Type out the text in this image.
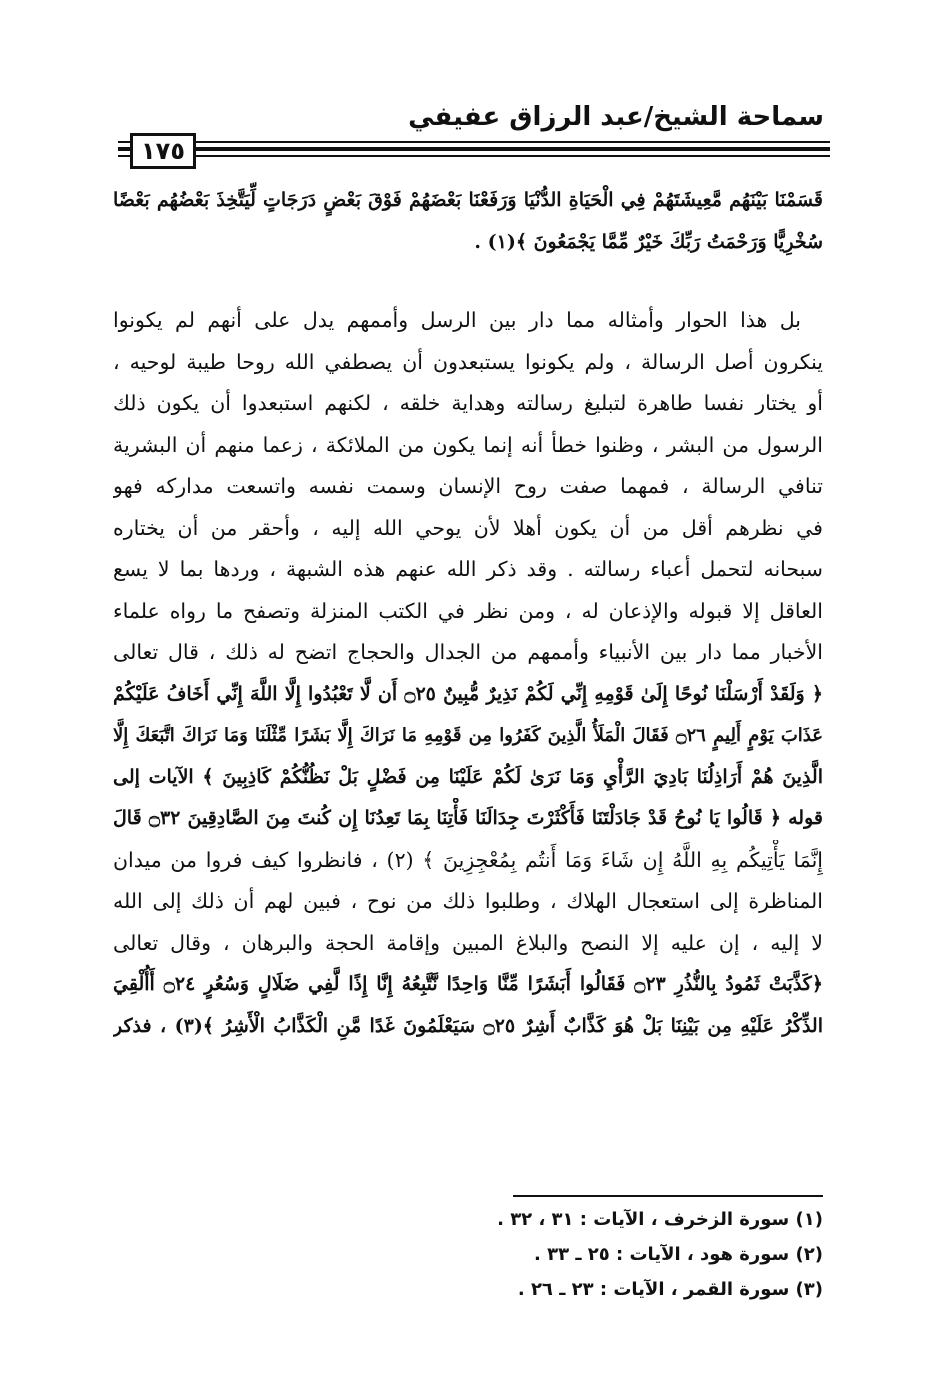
سماحة الشيخ/عبد الرزاق عفيفي
١٧٥
قَسَمْنَا بَيْنَهُم مَّعِيشَتَهُمْ فِي الْحَيَاةِ الدُّنْيَا وَرَفَعْنَا بَعْضَهُمْ فَوْقَ بَعْضٍ دَرَجَاتٍ لِّيَتَّخِذَ بَعْضُهُم بَعْضًا
سُخْرِيًّا وَرَحْمَتُ رَبِّكَ خَيْرٌ مِّمَّا يَجْمَعُونَ ﴾(١) .
بل هذا الحوار وأمثاله مما دار بين الرسل وأممهم يدل على أنهم لم يكونوا
ينكرون أصل الرسالة ، ولم يكونوا يستبعدون أن يصطفي الله روحا طيبة لوحيه ،
أو يختار نفسا طاهرة لتبليغ رسالته وهداية خلقه ، لكنهم استبعدوا أن يكون ذلك
الرسول من البشر ، وظنوا خطأ أنه إنما يكون من الملائكة ، زعما منهم أن البشرية
تنافي الرسالة ، فمهما صفت روح الإنسان وسمت نفسه واتسعت مداركه فهو
في نظرهم أقل من أن يكون أهلا لأن يوحي الله إليه ، وأحقر من أن يختاره
سبحانه لتحمل أعباء رسالته . وقد ذكر الله عنهم هذه الشبهة ، وردها بما لا يسع
العاقل إلا قبوله والإذعان له ، ومن نظر في الكتب المنزلة وتصفح ما رواه علماء
الأخبار مما دار بين الأنبياء وأممهم من الجدال والحجاج اتضح له ذلك ، قال تعالى
﴿ وَلَقَدْ أَرْسَلْنَا نُوحًا إِلَىٰ قَوْمِهِ إِنِّي لَكُمْ نَذِيرٌ مُّبِينٌ ۝٢٥ أَن لَّا تَعْبُدُوا إِلَّا اللَّهَ إِنِّي أَخَافُ عَلَيْكُمْ
عَذَابَ يَوْمٍ أَلِيمٍ ۝٢٦ فَقَالَ الْمَلَأُ الَّذِينَ كَفَرُوا مِن قَوْمِهِ مَا نَرَاكَ إِلَّا بَشَرًا مِّثْلَنَا وَمَا نَرَاكَ اتَّبَعَكَ إِلَّا
الَّذِينَ هُمْ أَرَاذِلُنَا بَادِيَ الرَّأْيِ وَمَا نَرَىٰ لَكُمْ عَلَيْنَا مِن فَضْلٍ بَلْ نَظُنُّكُمْ كَاذِبِينَ ﴾ الآيات إلى
قوله ﴿ قَالُوا يَا نُوحُ قَدْ جَادَلْتَنَا فَأَكْثَرْتَ جِدَالَنَا فَأْتِنَا بِمَا تَعِدُنَا إِن كُنتَ مِنَ الصَّادِقِينَ ۝٣٢ قَالَ
إِنَّمَا يَأْتِيكُم بِهِ اللَّهُ إِن شَاءَ وَمَا أَنتُم بِمُعْجِزِينَ ﴾ (٢) ، فانظروا كيف فروا من ميدان
المناظرة إلى استعجال الهلاك ، وطلبوا ذلك من نوح ، فبين لهم أن ذلك إلى الله
لا إليه ، إن عليه إلا النصح والبلاغ المبين وإقامة الحجة والبرهان ، وقال تعالى
﴿كَذَّبَتْ ثَمُودُ بِالنُّذُرِ ۝٢٣ فَقَالُوا أَبَشَرًا مِّنَّا وَاحِدًا نَّتَّبِعُهُ إِنَّا إِذًا لَّفِي ضَلَالٍ وَسُعُرٍ ۝٢٤ أَأُلْقِيَ
الذِّكْرُ عَلَيْهِ مِن بَيْنِنَا بَلْ هُوَ كَذَّابٌ أَشِرٌ ۝٢٥ سَيَعْلَمُونَ غَدًا مَّنِ الْكَذَّابُ الْأَشِرُ ﴾(٣) ، فذكر
(١) سورة الزخرف ، الآيات : ٣١ ، ٣٢ .
(٢) سورة هود ، الآيات : ٢٥ ـ ٣٣ .
(٣) سورة القمر ، الآيات : ٢٣ ـ ٢٦ .
